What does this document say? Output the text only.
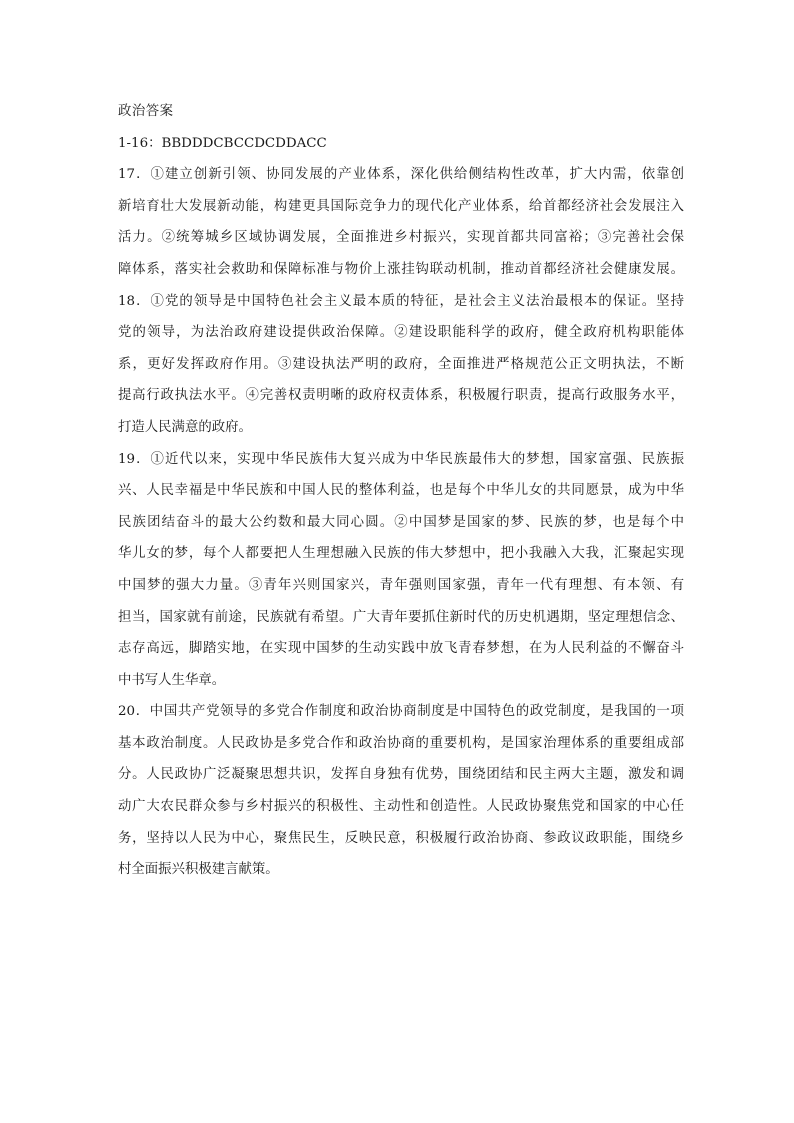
政治答案
1-16：BBDDDCBCCDCDDACC
17．①建立创新引领、协同发展的产业体系，深化供给侧结构性改革，扩大内需，依靠创
新培育壮大发展新动能，构建更具国际竞争力的现代化产业体系，给首都经济社会发展注入
活力。②统筹城乡区域协调发展，全面推进乡村振兴，实现首都共同富裕；③完善社会保
障体系，落实社会救助和保障标准与物价上涨挂钩联动机制，推动首都经济社会健康发展。
18．①党的领导是中国特色社会主义最本质的特征，是社会主义法治最根本的保证。坚持
党的领导，为法治政府建设提供政治保障。②建设职能科学的政府，健全政府机构职能体
系，更好发挥政府作用。③建设执法严明的政府，全面推进严格规范公正文明执法，不断
提高行政执法水平。④完善权责明晰的政府权责体系，积极履行职责，提高行政服务水平，
打造人民满意的政府。
19．①近代以来，实现中华民族伟大复兴成为中华民族最伟大的梦想，国家富强、民族振
兴、人民幸福是中华民族和中国人民的整体利益，也是每个中华儿女的共同愿景，成为中华
民族团结奋斗的最大公约数和最大同心圆。②中国梦是国家的梦、民族的梦，也是每个中
华儿女的梦，每个人都要把人生理想融入民族的伟大梦想中，把小我融入大我，汇聚起实现
中国梦的强大力量。③青年兴则国家兴，青年强则国家强，青年一代有理想、有本领、有
担当，国家就有前途，民族就有希望。广大青年要抓住新时代的历史机遇期，坚定理想信念、
志存高远，脚踏实地，在实现中国梦的生动实践中放飞青春梦想，在为人民利益的不懈奋斗
中书写人生华章。
20．中国共产党领导的多党合作制度和政治协商制度是中国特色的政党制度，是我国的一项
基本政治制度。人民政协是多党合作和政治协商的重要机构，是国家治理体系的重要组成部
分。人民政协广泛凝聚思想共识，发挥自身独有优势，围绕团结和民主两大主题，激发和调
动广大农民群众参与乡村振兴的积极性、主动性和创造性。人民政协聚焦党和国家的中心任
务，坚持以人民为中心，聚焦民生，反映民意，积极履行政治协商、参政议政职能，围绕乡
村全面振兴积极建言献策。
